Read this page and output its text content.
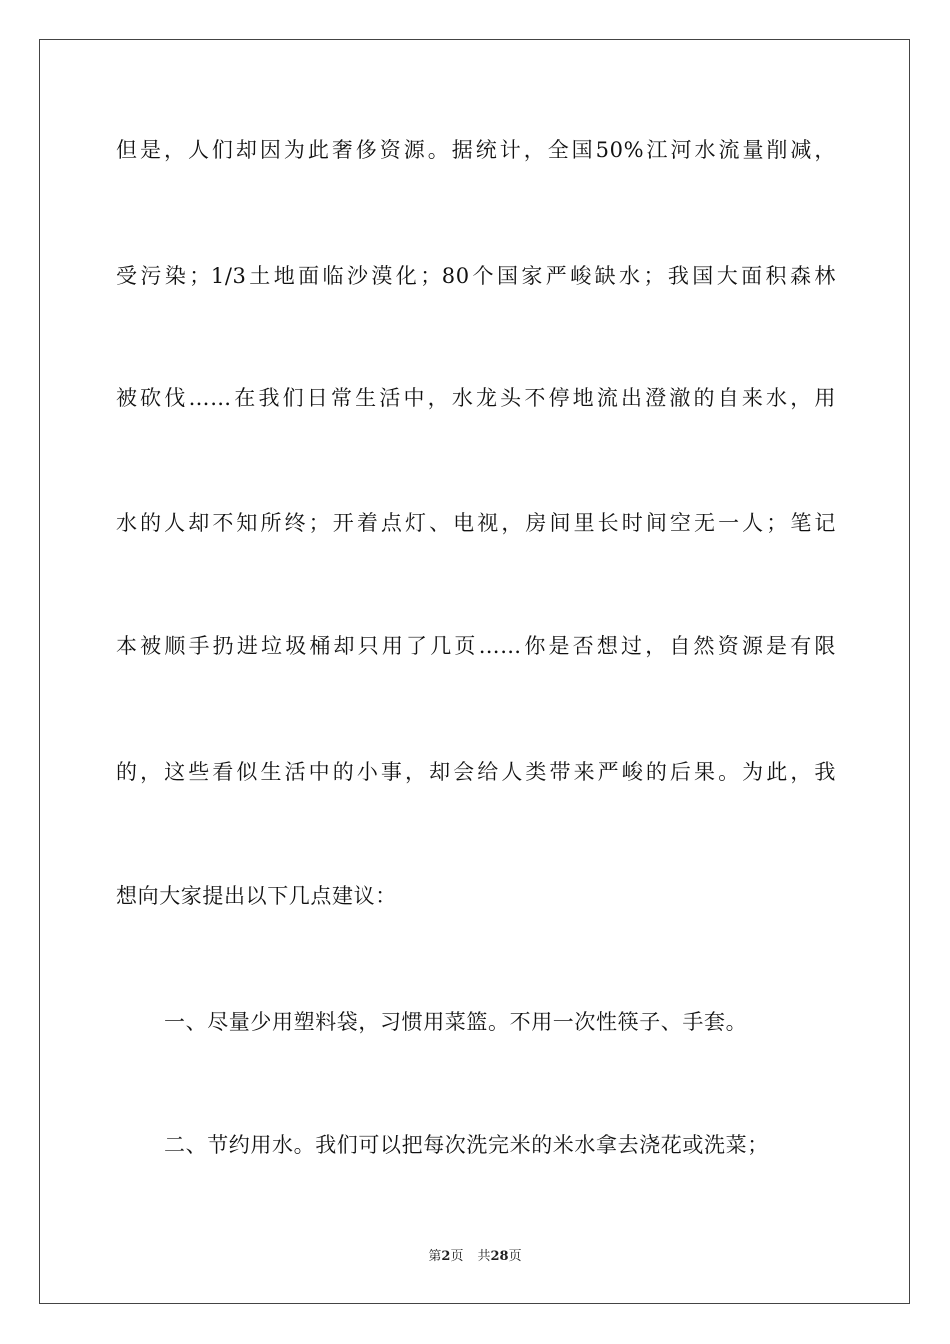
但是，人们却因为此奢侈资源。据统计，全国50%江河水流量削减，
受污染；1/3土地面临沙漠化；80个国家严峻缺水；我国大面积森林
被砍伐……在我们日常生活中，水龙头不停地流出澄澈的自来水，用
水的人却不知所终；开着点灯、电视，房间里长时间空无一人；笔记
本被顺手扔进垃圾桶却只用了几页……你是否想过，自然资源是有限
的，这些看似生活中的小事，却会给人类带来严峻的后果。为此，我
想向大家提出以下几点建议：
一、尽量少用塑料袋，习惯用菜篮。不用一次性筷子、手套。
二、节约用水。我们可以把每次洗完米的米水拿去浇花或洗菜；
第2页 共28页
